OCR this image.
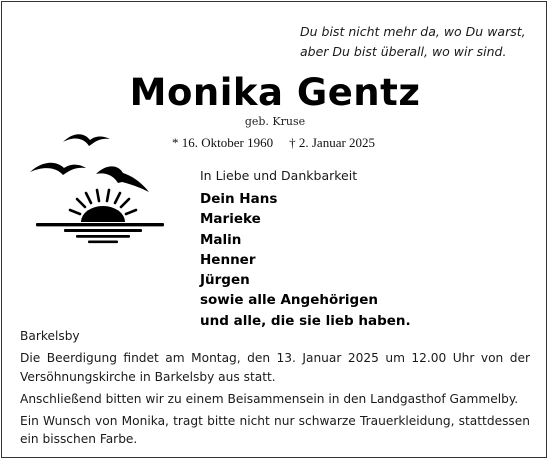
Du bist nicht mehr da, wo Du warst,
aber Du bist überall, wo wir sind.
Monika Gentz
geb. Kruse
* 16. Oktober 1960 † 2. Januar 2025
In Liebe und Dankbarkeit
Dein Hans
Marieke
Malin
Henner
Jürgen
sowie alle Angehörigen
und alle, die sie lieb haben.

Barkelsby

Die Beerdigung findet am Montag, den 13. Januar 2025 um 12.00 Uhr von der Versöhnungskirche in Barkelsby aus statt.

Anschließend bitten wir zu einem Beisammensein in den Landgasthof Gammelby.

Ein Wunsch von Monika, tragt bitte nicht nur schwarze Trauerkleidung, stattdessen ein bisschen Farbe.
